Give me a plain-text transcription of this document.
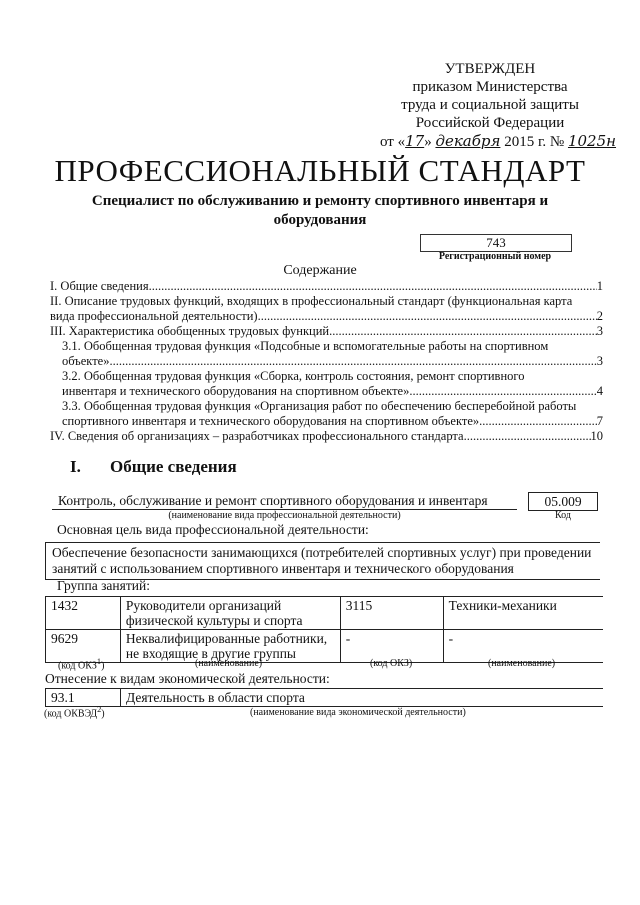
УТВЕРЖДЕН
приказом Министерства
труда и социальной защиты
Российской Федерации
от «17» декабря 2015 г. № 1025н
ПРОФЕССИОНАЛЬНЫЙ СТАНДАРТ
Специалист по обслуживанию и ремонту спортивного инвентаря и оборудования
743
Регистрационный номер
Содержание
I. Общие сведения .....	1
II. Описание трудовых функций, входящих в профессиональный стандарт (функциональная карта
вида профессиональной деятельности) .....	2
III. Характеристика обобщенных трудовых функций .....	3
3.1. Обобщенная трудовая функция «Подсобные и вспомогательные работы на спортивном
объекте» .....	3
3.2. Обобщенная трудовая функция «Сборка, контроль состояния, ремонт спортивного
инвентаря и технического оборудования на спортивном объекте» .....	4
3.3. Обобщенная трудовая функция «Организация работ по обеспечению бесперебойной работы
спортивного инвентаря и технического оборудования на спортивном объекте» .....	7
IV. Сведения об организациях – разработчиках профессионального стандарта .....	10
I. Общие сведения
Контроль, обслуживание и ремонт спортивного оборудования и инвентаря
(наименование вида профессиональной деятельности)
05.009
Код
Основная цель вида профессиональной деятельности:
Обеспечение безопасности занимающихся (потребителей спортивных услуг) при проведении занятий с использованием спортивного инвентаря и технического оборудования
Группа занятий:
1432	Руководители организаций физической культуры и спорта	3115	Техники-механики
9629	Неквалифицированные работники, не входящие в другие группы	-	-
(код ОКЗ$^1$)	(наименование)	(код ОКЗ)	(наименование)
Отнесение к видам экономической деятельности:
93.1	Деятельность в области спорта
(код ОКВЭД$^2$)	(наименование вида экономической деятельности)
